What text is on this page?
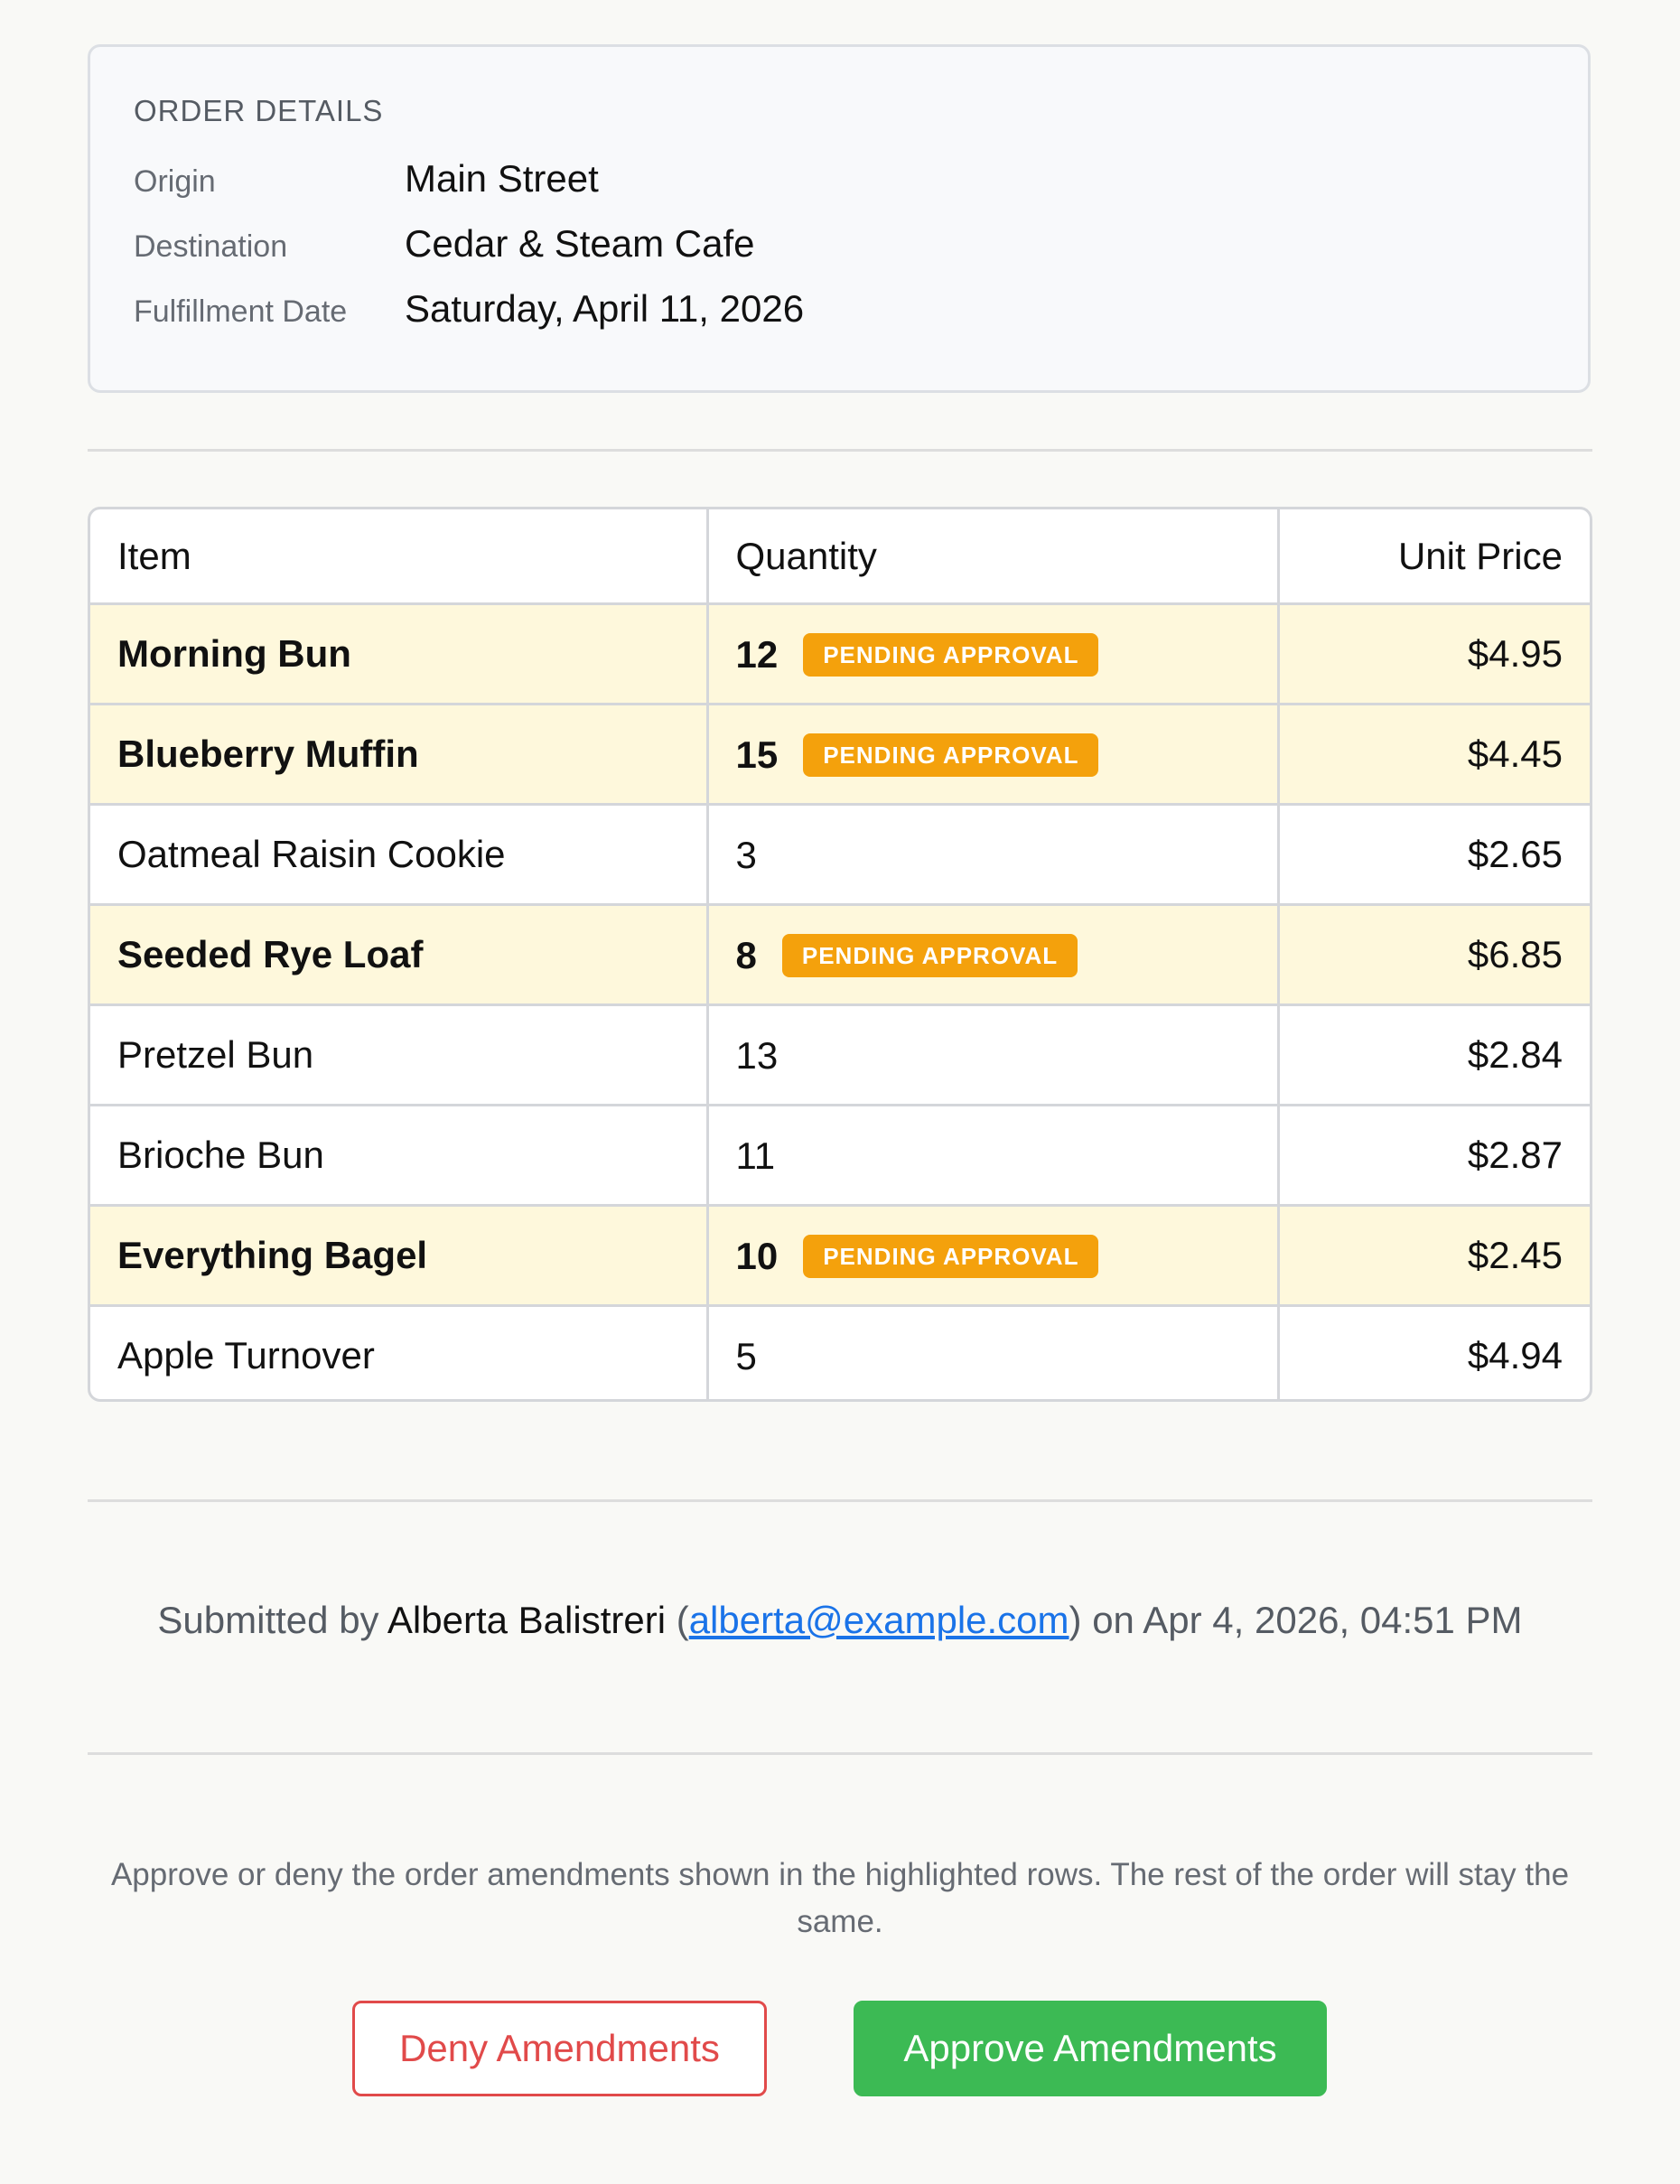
ORDER DETAILS
Origin	Main Street
Destination	Cedar & Steam Cafe
Fulfillment Date Saturday, April 11, 2026
Item	Quantity	Unit Price
Morning Bun	12 PENDING APPROVAL	$4.95
Blueberry Muffin	15 PENDING APPROVAL	$4.45
Oatmeal Raisin Cookie	3	$2.65
Seeded Rye Loaf	8 PENDING APPROVAL	$6.85
Pretzel Bun	13	$2.84
Brioche Bun	11	$2.87
Everything Bagel	10 PENDING APPROVAL	$2.45
Apple Turnover	5	$4.94
Submitted by Alberta Balistreri (alberta@example.com) on Apr 4, 2026, 04:51 PM
Approve or deny the order amendments shown in the highlighted rows. The rest of the order will stay the same.
Deny Amendments	Approve Amendments
